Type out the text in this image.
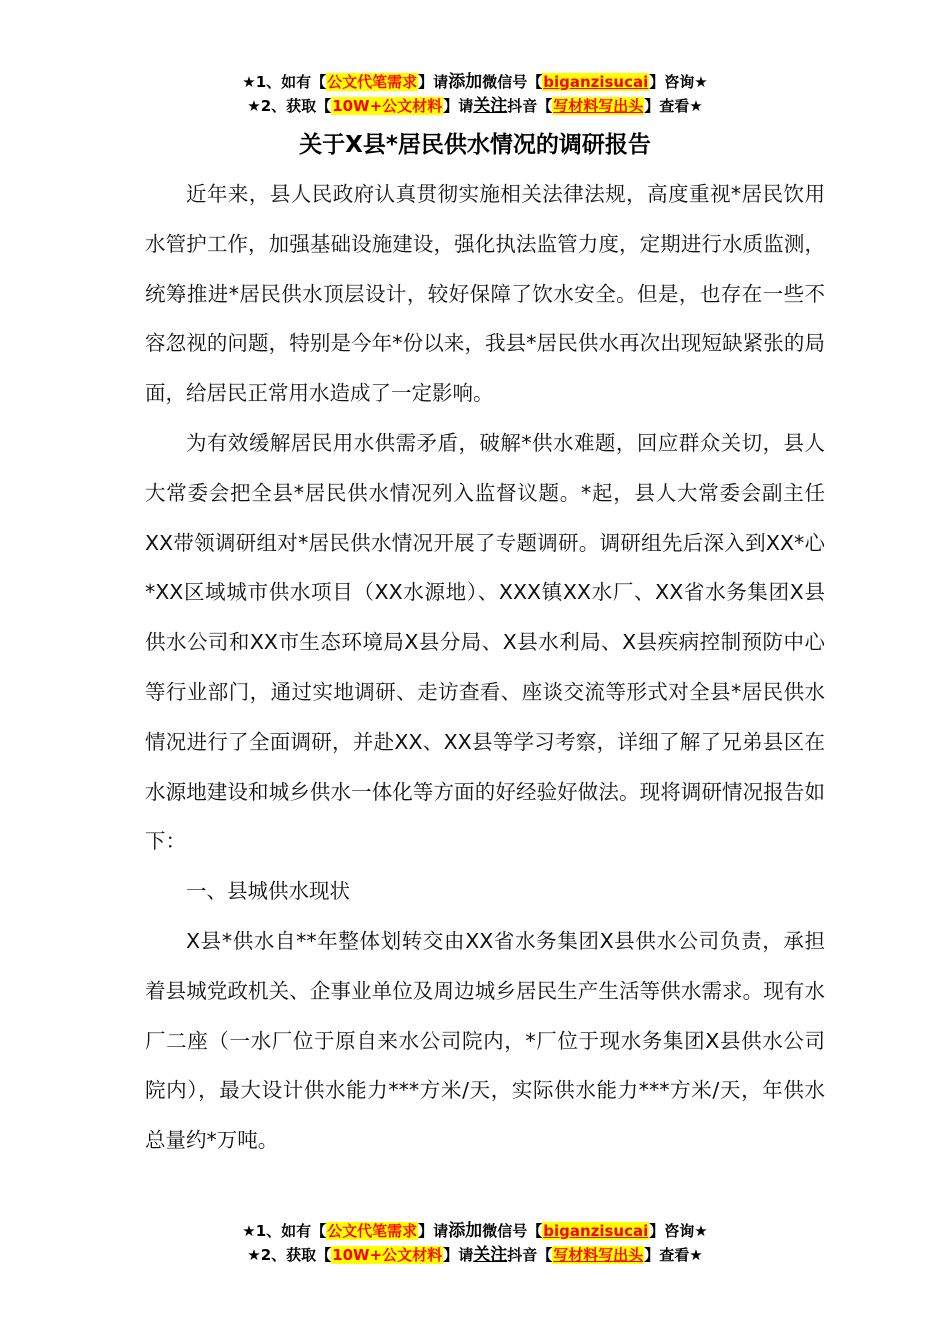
★1、如有【公文代笔需求】请添加微信号【biganzisucai】咨询★
★2、获取【10W+公文材料】请关注抖音【写材料写出头】查看★
关于X县*居民供水情况的调研报告

近年来，县人民政府认真贯彻实施相关法律法规，高度重视*居民饮用水管护工作，加强基础设施建设，强化执法监管力度，定期进行水质监测，统筹推进*居民供水顶层设计，较好保障了饮水安全。但是，也存在一些不容忽视的问题，特别是今年*份以来，我县*居民供水再次出现短缺紧张的局面，给居民正常用水造成了一定影响。

为有效缓解居民用水供需矛盾，破解*供水难题，回应群众关切，县人大常委会把全县*居民供水情况列入监督议题。*起，县人大常委会副主任XX带领调研组对*居民供水情况开展了专题调研。调研组先后深入到XX*心*XX区域城市供水项目（XX水源地）、XXX镇XX水厂、XX省水务集团X县供水公司和XX市生态环境局X县分局、X县水利局、X县疾病控制预防中心等行业部门，通过实地调研、走访查看、座谈交流等形式对全县*居民供水情况进行了全面调研，并赴XX、XX县等学习考察，详细了解了兄弟县区在水源地建设和城乡供水一体化等方面的好经验好做法。现将调研情况报告如下：

一、县城供水现状

X县*供水自**年整体划转交由XX省水务集团X县供水公司负责，承担着县城党政机关、企事业单位及周边城乡居民生产生活等供水需求。现有水厂二座（一水厂位于原自来水公司院内，*厂位于现水务集团X县供水公司院内），最大设计供水能力***方米/天，实际供水能力***方米/天，年供水总量约*万吨。

★1、如有【公文代笔需求】请添加微信号【biganzisucai】咨询★
★2、获取【10W+公文材料】请关注抖音【写材料写出头】查看★
